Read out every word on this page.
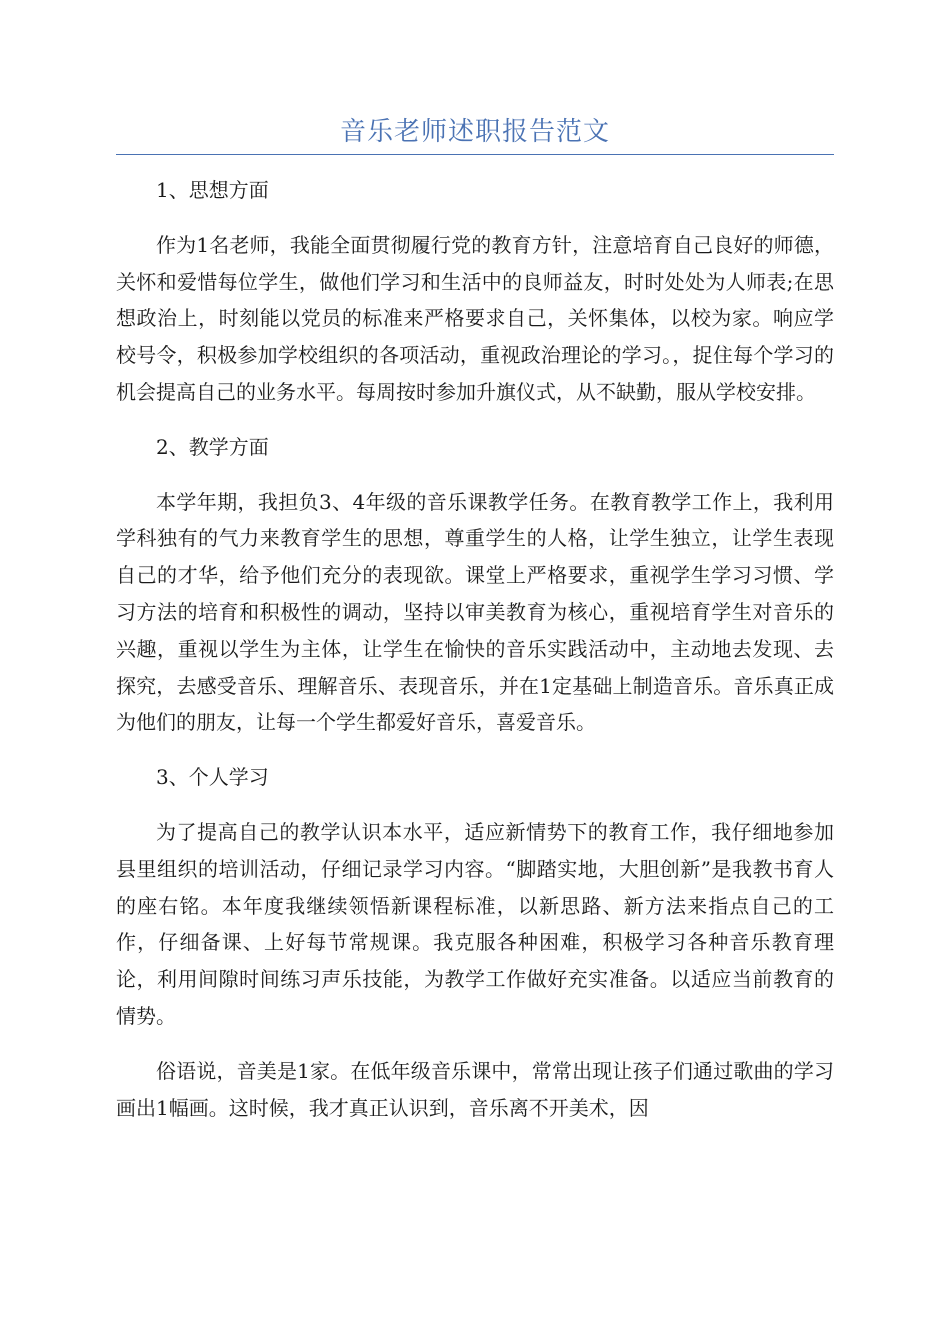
音乐老师述职报告范文

1、思想方面

作为1名老师，我能全面贯彻履行党的教育方针，注意培育自己良好的师德，关怀和爱惜每位学生，做他们学习和生活中的良师益友，时时处处为人师表;在思想政治上，时刻能以党员的标准来严格要求自己，关怀集体，以校为家。响应学校号令，积极参加学校组织的各项活动，重视政治理论的学习。，捉住每个学习的机会提高自己的业务水平。每周按时参加升旗仪式，从不缺勤，服从学校安排。

2、教学方面

本学年期，我担负3、4年级的音乐课教学任务。在教育教学工作上，我利用学科独有的气力来教育学生的思想，尊重学生的人格，让学生独立，让学生表现自己的才华，给予他们充分的表现欲。课堂上严格要求，重视学生学习习惯、学习方法的培育和积极性的调动，坚持以审美教育为核心，重视培育学生对音乐的兴趣，重视以学生为主体，让学生在愉快的音乐实践活动中，主动地去发现、去探究，去感受音乐、理解音乐、表现音乐，并在1定基础上制造音乐。音乐真正成为他们的朋友，让每一个学生都爱好音乐，喜爱音乐。

3、个人学习

为了提高自己的教学认识本水平，适应新情势下的教育工作，我仔细地参加县里组织的培训活动，仔细记录学习内容。“脚踏实地，大胆创新”是我教书育人的座右铭。本年度我继续领悟新课程标准，以新思路、新方法来指点自己的工作，仔细备课、上好每节常规课。我克服各种困难，积极学习各种音乐教育理论，利用间隙时间练习声乐技能，为教学工作做好充实准备。以适应当前教育的情势。

俗语说，音美是1家。在低年级音乐课中，常常出现让孩子们通过歌曲的学习画出1幅画。这时候，我才真正认识到，音乐离不开美术，因
